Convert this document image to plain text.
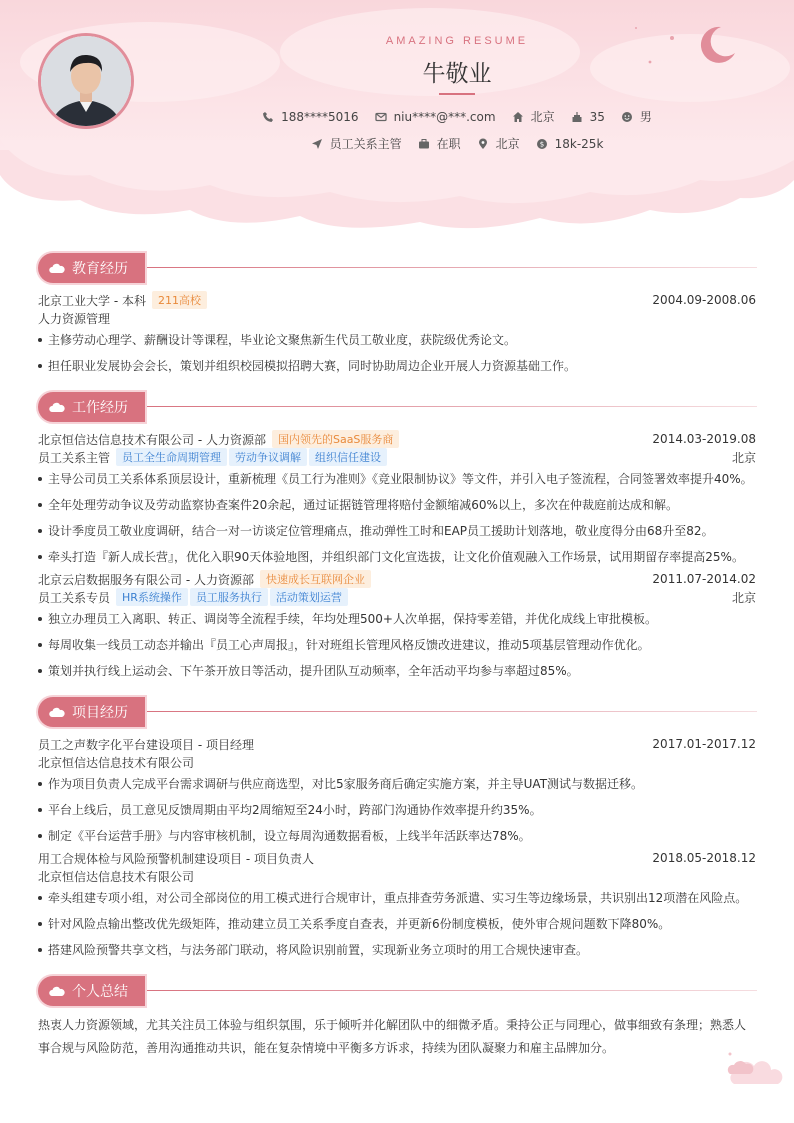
AMAZING RESUME
牛敬业
188****5016	niu****@***.com	北京	35	男
员工关系主管	在职	北京	$ 18k-25k
教育经历
北京工业大学 - 本科	211高校	2004.09-2008.06
人力资源管理
主修劳动心理学、薪酬设计等课程，毕业论文聚焦新生代员工敬业度，获院级优秀论文。
担任职业发展协会会长，策划并组织校园模拟招聘大赛，同时协助周边企业开展人力资源基础工作。
工作经历
北京恒信达信息技术有限公司 - 人力资源部	国内领先的SaaS服务商	2014.03-2019.08
员工关系主管	员工全生命周期管理	劳动争议调解	组织信任建设	北京
主导公司员工关系体系顶层设计，重新梳理《员工行为准则》《竞业限制协议》等文件，并引入电子签流程，合同签署效率提升40%。
全年处理劳动争议及劳动监察协查案件20余起，通过证据链管理将赔付金额缩减60%以上，多次在仲裁庭前达成和解。
设计季度员工敬业度调研，结合一对一访谈定位管理痛点，推动弹性工时和EAP员工援助计划落地，敬业度得分由68升至82。
牵头打造『新人成长营』，优化入职90天体验地图，并组织部门文化宣选拔，让文化价值观融入工作场景，试用期留存率提高25%。
北京云启数据服务有限公司 - 人力资源部	快速成长互联网企业	2011.07-2014.02
员工关系专员	HR系统操作	员工服务执行	活动策划运营	北京
独立办理员工入离职、转正、调岗等全流程手续，年均处理500+人次单据，保持零差错，并优化成线上审批模板。
每周收集一线员工动态并输出『员工心声周报』，针对班组长管理风格反馈改进建议，推动5项基层管理动作优化。
策划并执行线上运动会、下午茶开放日等活动，提升团队互动频率，全年活动平均参与率超过85%。
项目经历
员工之声数字化平台建设项目 - 项目经理	2017.01-2017.12
北京恒信达信息技术有限公司
作为项目负责人完成平台需求调研与供应商选型，对比5家服务商后确定实施方案，并主导UAT测试与数据迁移。
平台上线后，员工意见反馈周期由平均2周缩短至24小时，跨部门沟通协作效率提升约35%。
制定《平台运营手册》与内容审核机制，设立每周沟通数据看板，上线半年活跃率达78%。
用工合规体检与风险预警机制建设项目 - 项目负责人	2018.05-2018.12
北京恒信达信息技术有限公司
牵头组建专项小组，对公司全部岗位的用工模式进行合规审计，重点排查劳务派遣、实习生等边缘场景，共识别出12项潜在风险点。
针对风险点输出整改优先级矩阵，推动建立员工关系季度自查表，并更新6份制度模板，使外审合规问题数下降80%。
搭建风险预警共享文档，与法务部门联动，将风险识别前置，实现新业务立项时的用工合规快速审查。
个人总结
热衷人力资源领域，尤其关注员工体验与组织氛围，乐于倾听并化解团队中的细微矛盾。秉持公正与同理心，做事细致有条理；熟悉人事合规与风险防范，善用沟通推动共识，能在复杂情境中平衡多方诉求，持续为团队凝聚力和雇主品牌加分。
